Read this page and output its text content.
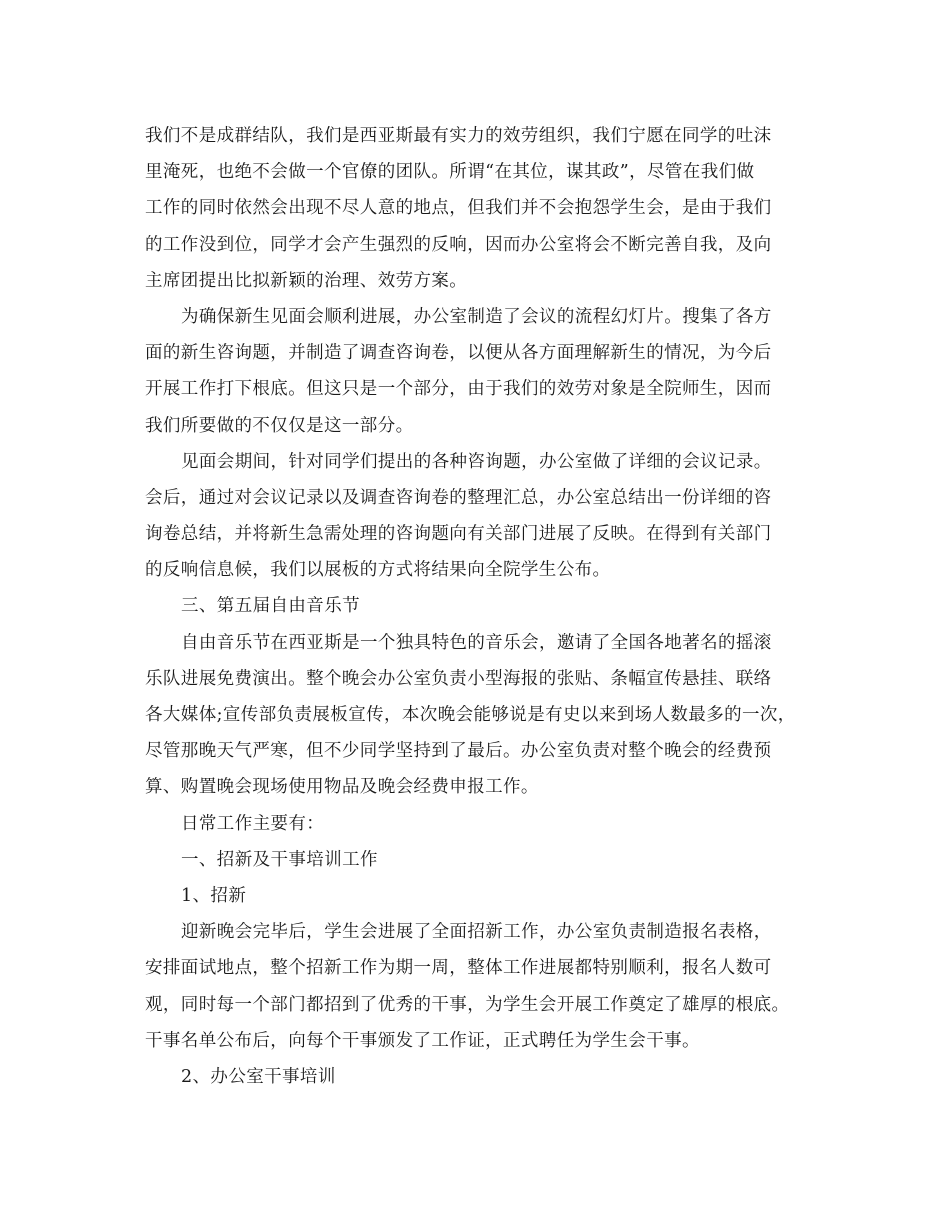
我们不是成群结队，我们是西亚斯最有实力的效劳组织，我们宁愿在同学的吐沫
里淹死，也绝不会做一个官僚的团队。所谓“在其位，谋其政”，尽管在我们做
工作的同时依然会出现不尽人意的地点，但我们并不会抱怨学生会，是由于我们
的工作没到位，同学才会产生强烈的反响，因而办公室将会不断完善自我，及向
主席团提出比拟新颖的治理、效劳方案。
为确保新生见面会顺利进展，办公室制造了会议的流程幻灯片。搜集了各方
面的新生咨询题，并制造了调查咨询卷，以便从各方面理解新生的情况，为今后
开展工作打下根底。但这只是一个部分，由于我们的效劳对象是全院师生，因而
我们所要做的不仅仅是这一部分。
见面会期间，针对同学们提出的各种咨询题，办公室做了详细的会议记录。
会后，通过对会议记录以及调查咨询卷的整理汇总，办公室总结出一份详细的咨
询卷总结，并将新生急需处理的咨询题向有关部门进展了反映。在得到有关部门
的反响信息候，我们以展板的方式将结果向全院学生公布。
三、第五届自由音乐节
自由音乐节在西亚斯是一个独具特色的音乐会，邀请了全国各地著名的摇滚
乐队进展免费演出。整个晚会办公室负责小型海报的张贴、条幅宣传悬挂、联络
各大媒体;宣传部负责展板宣传，本次晚会能够说是有史以来到场人数最多的一次，
尽管那晚天气严寒，但不少同学坚持到了最后。办公室负责对整个晚会的经费预
算、购置晚会现场使用物品及晚会经费申报工作。
日常工作主要有：
一、招新及干事培训工作
1、招新
迎新晚会完毕后，学生会进展了全面招新工作，办公室负责制造报名表格，
安排面试地点，整个招新工作为期一周，整体工作进展都特别顺利，报名人数可
观，同时每一个部门都招到了优秀的干事，为学生会开展工作奠定了雄厚的根底。
干事名单公布后，向每个干事颁发了工作证，正式聘任为学生会干事。
2、办公室干事培训
